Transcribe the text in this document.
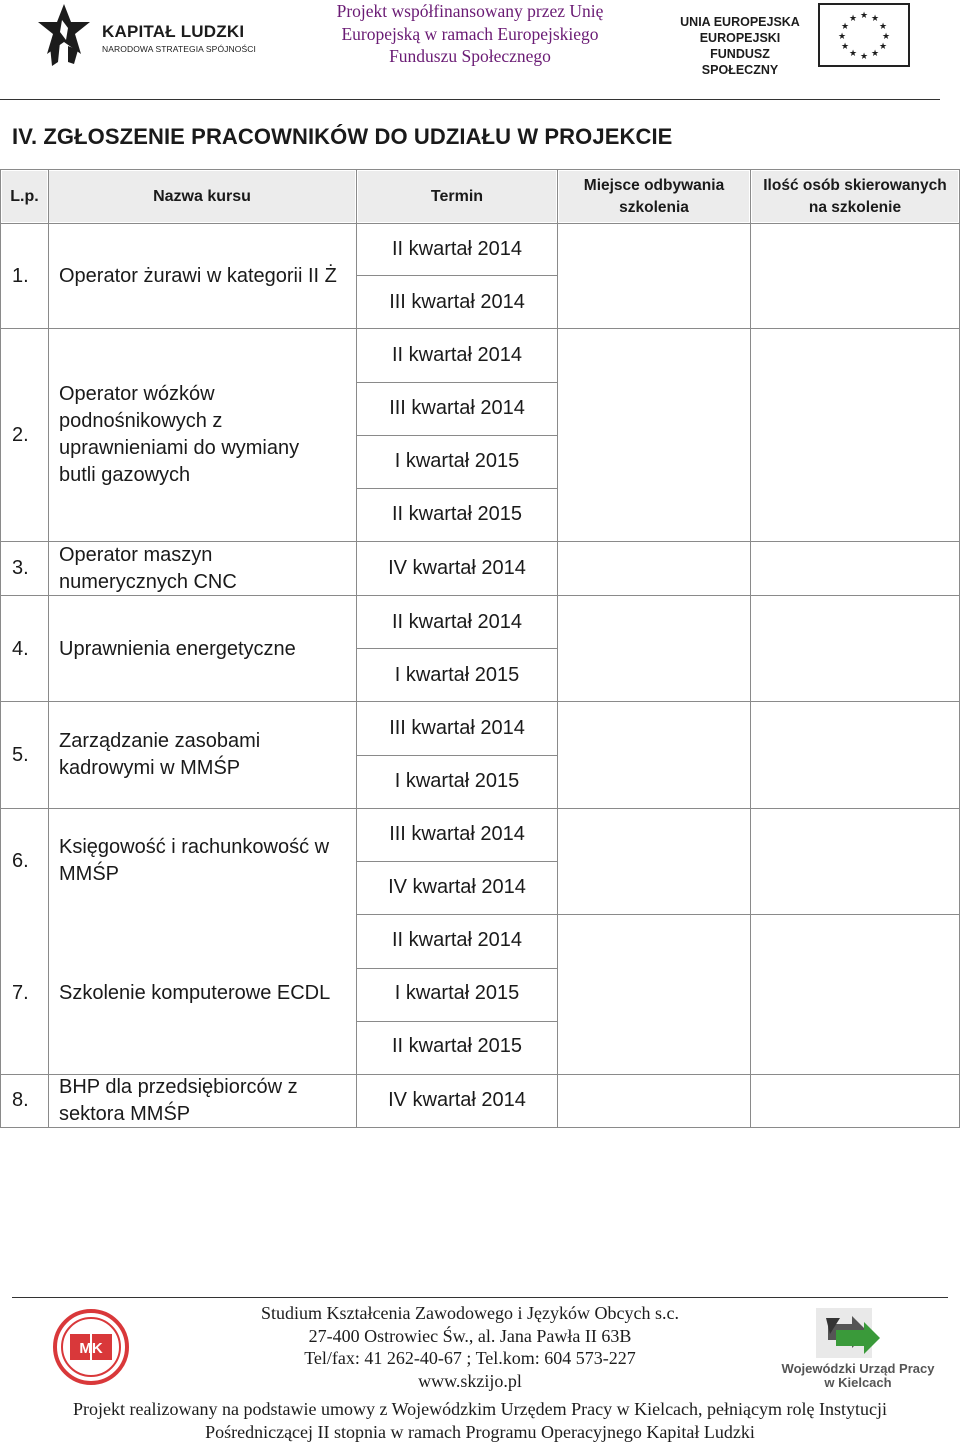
KAPITAŁ LUDZKI
NARODOWA STRATEGIA SPÓJNOŚCI
Projekt współfinansowany przez Unię
Europejską w ramach Europejskiego
Funduszu Społecznego
UNIA EUROPEJSKA
EUROPEJSKI
FUNDUSZ SPOŁECZNY
★ ★
★
★
★
★
★
★
★
★
★
★
IV. ZGŁOSZENIE PRACOWNIKÓW DO UDZIAŁU W PROJEKCIE
L.p.	Nazwa kursu	Termin
Miejsce odbywania
szkolenia
Ilość osób skierowanych
na szkolenie
1. Operator żurawi w kategorii II Ż
II kwartał 2014
III kwartał 2014
2.
Operator wózków
podnośnikowych z
uprawnieniami do wymiany
butli gazowych
II kwartał 2014
III kwartał 2014
I kwartał 2015
II kwartał 2015
3.
Operator maszyn
numerycznych CNC
IV kwartał 2014
4. Uprawnienia energetyczne
II kwartał 2014
I kwartał 2015
5.
Zarządzanie zasobami
kadrowymi w MMŚP
III kwartał 2014
I kwartał 2015
6.
Księgowość i rachunkowość w
MMŚP
III kwartał 2014
IV kwartał 2014
7. Szkolenie komputerowe ECDL
II kwartał 2014
I kwartał 2015
II kwartał 2015
8.
BHP dla przedsiębiorców z
sektora MMŚP
IV kwartał 2014
MK
Studium Kształcenia Zawodowego i Języków Obcych s.c.
27-400 Ostrowiec Św., al. Jana Pawła II 63B
Tel/fax: 41 262-40-67 ; Tel.kom: 604 573-227
www.skzijo.pl
Wojewódzki Urząd Pracy
w Kielcach
Projekt realizowany na podstawie umowy z Wojewódzkim Urzędem Pracy w Kielcach, pełniącym rolę Instytucji
Pośredniczącej II stopnia w ramach Programu Operacyjnego Kapitał Ludzki
